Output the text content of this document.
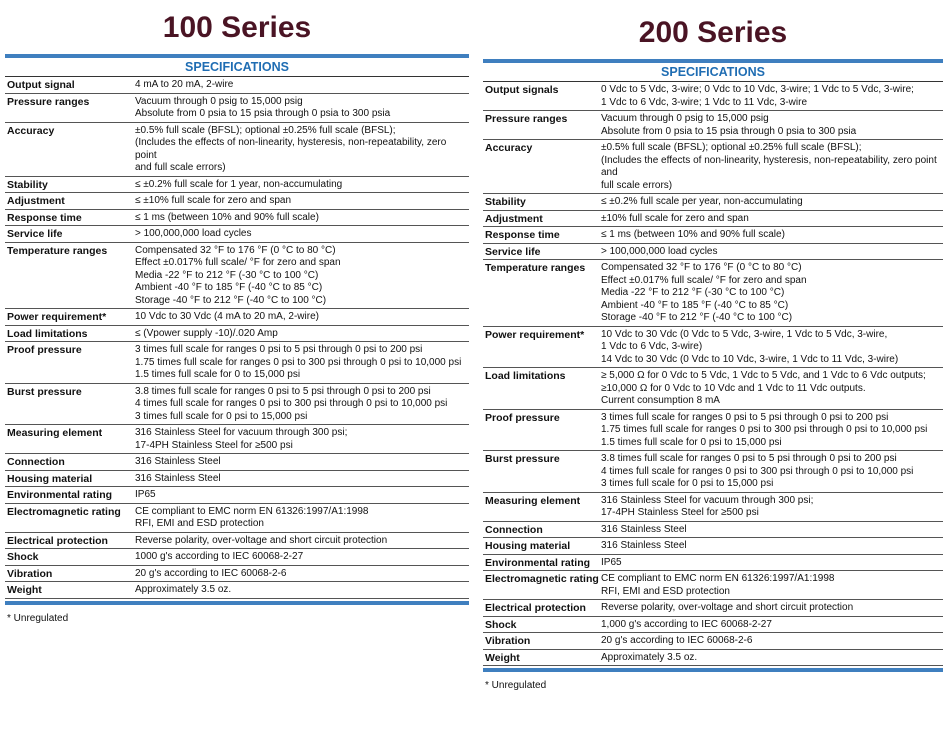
100 Series
SPECIFICATIONS
Output signal	4 mA to 20 mA, 2-wire
Pressure ranges	Vacuum through 0 psig to 15,000 psig
Absolute from 0 psia to 15 psia through 0 psia to 300 psia
Accuracy	±0.5% full scale (BFSL); optional ±0.25% full scale (BFSL);
(Includes the effects of non-linearity, hysteresis, non-repeatability, zero point
and full scale errors)
Stability	≤ ±0.2% full scale for 1 year, non-accumulating
Adjustment	≤ ±10% full scale for zero and span
Response time	≤ 1 ms (between 10% and 90% full scale)
Service life	> 100,000,000 load cycles
Temperature ranges	Compensated 32 °F to 176 °F (0 °C to 80 °C)
Effect ±0.017% full scale/ °F for zero and span
Media -22 °F to 212 °F (-30 °C to 100 °C)
Ambient -40 °F to 185 °F (-40 °C to 85 °C)
Storage -40 °F to 212 °F (-40 °C to 100 °C)
Power requirement*	10 Vdc to 30 Vdc (4 mA to 20 mA, 2-wire)
Load limitations	≤ (Vpower supply -10)/.020 Amp
Proof pressure	3 times full scale for ranges 0 psi to 5 psi through 0 psi to 200 psi
1.75 times full scale for ranges 0 psi to 300 psi through 0 psi to 10,000 psi
1.5 times full scale for 0 to 15,000 psi
Burst pressure	3.8 times full scale for ranges 0 psi to 5 psi through 0 psi to 200 psi
4 times full scale for ranges 0 psi to 300 psi through 0 psi to 10,000 psi
3 times full scale for 0 psi to 15,000 psi
Measuring element	316 Stainless Steel for vacuum through 300 psi;
17-4PH Stainless Steel for ≥500 psi
Connection	316 Stainless Steel
Housing material	316 Stainless Steel
Environmental rating	IP65
Electromagnetic rating	CE compliant to EMC norm EN 61326:1997/A1:1998
RFI, EMI and ESD protection
Electrical protection	Reverse polarity, over-voltage and short circuit protection
Shock	1000 g's according to IEC 60068-2-27
Vibration	20 g's according to IEC 60068-2-6
Weight	Approximately 3.5 oz.
* Unregulated
200 Series
SPECIFICATIONS
Output signals	0 Vdc to 5 Vdc, 3-wire; 0 Vdc to 10 Vdc, 3-wire; 1 Vdc to 5 Vdc, 3-wire;
1 Vdc to 6 Vdc, 3-wire; 1 Vdc to 11 Vdc, 3-wire
Pressure ranges	Vacuum through 0 psig to 15,000 psig
Absolute from 0 psia to 15 psia through 0 psia to 300 psia
Accuracy	±0.5% full scale (BFSL); optional ±0.25% full scale (BFSL);
(Includes the effects of non-linearity, hysteresis, non-repeatability, zero point and
full scale errors)
Stability	≤ ±0.2% full scale per year, non-accumulating
Adjustment	±10% full scale for zero and span
Response time	≤ 1 ms (between 10% and 90% full scale)
Service life	> 100,000,000 load cycles
Temperature ranges	Compensated 32 °F to 176 °F (0 °C to 80 °C)
Effect ±0.017% full scale/ °F for zero and span
Media -22 °F to 212 °F (-30 °C to 100 °C)
Ambient -40 °F to 185 °F (-40 °C to 85 °C)
Storage -40 °F to 212 °F (-40 °C to 100 °C)
Power requirement*	10 Vdc to 30 Vdc (0 Vdc to 5 Vdc, 3-wire, 1 Vdc to 5 Vdc, 3-wire,
1 Vdc to 6 Vdc, 3-wire)
14 Vdc to 30 Vdc (0 Vdc to 10 Vdc, 3-wire, 1 Vdc to 11 Vdc, 3-wire)
Load limitations	≥ 5,000 Ω for 0 Vdc to 5 Vdc, 1 Vdc to 5 Vdc, and 1 Vdc to 6 Vdc outputs;
≥10,000 Ω for 0 Vdc to 10 Vdc and 1 Vdc to 11 Vdc outputs.
Current consumption 8 mA
Proof pressure	3 times full scale for ranges 0 psi to 5 psi through 0 psi to 200 psi
1.75 times full scale for ranges 0 psi to 300 psi through 0 psi to 10,000 psi
1.5 times full scale for 0 psi to 15,000 psi
Burst pressure	3.8 times full scale for ranges 0 psi to 5 psi through 0 psi to 200 psi
4 times full scale for ranges 0 psi to 300 psi through 0 psi to 10,000 psi
3 times full scale for 0 psi to 15,000 psi
Measuring element	316 Stainless Steel for vacuum through 300 psi;
17-4PH Stainless Steel for ≥500 psi
Connection	316 Stainless Steel
Housing material	316 Stainless Steel
Environmental rating	IP65
Electromagnetic rating CE compliant to EMC norm EN 61326:1997/A1:1998
RFI, EMI and ESD protection
Electrical protection	Reverse polarity, over-voltage and short circuit protection
Shock	1,000 g's according to IEC 60068-2-27
Vibration	20 g's according to IEC 60068-2-6
Weight	Approximately 3.5 oz.
* Unregulated
